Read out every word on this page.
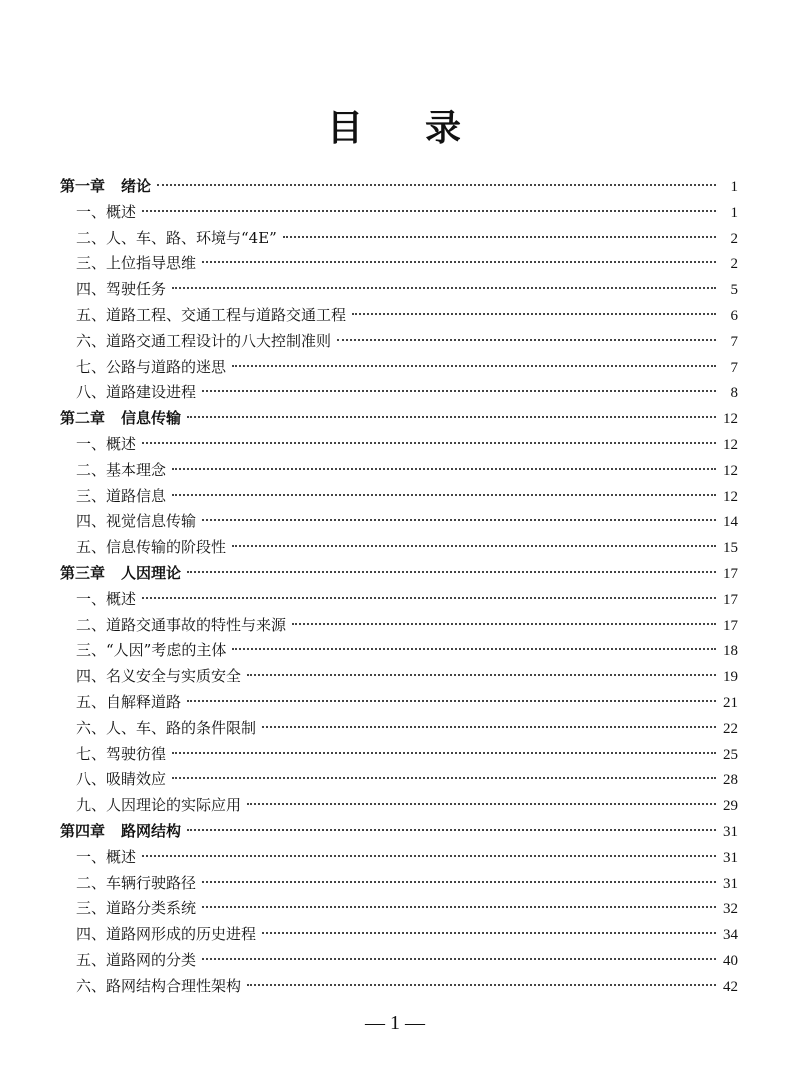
目 录
第一章 绪论	1
一、概述	1
二、人、车、路、环境与“4E”	2
三、上位指导思维	2
四、驾驶任务	5
五、道路工程、交通工程与道路交通工程	6
六、道路交通工程设计的八大控制准则	7
七、公路与道路的迷思	7
八、道路建设进程	8
第二章 信息传输	12
一、概述	12
二、基本理念	12
三、道路信息	12
四、视觉信息传输	14
五、信息传输的阶段性	15
第三章 人因理论	17
一、概述	17
二、道路交通事故的特性与来源	17
三、“人因”考虑的主体	18
四、名义安全与实质安全	19
五、自解释道路	21
六、人、车、路的条件限制	22
七、驾驶彷徨	25
八、吸睛效应	28
九、人因理论的实际应用	29
第四章 路网结构	31
一、概述	31
二、车辆行驶路径	31
三、道路分类系统	32
四、道路网形成的历史进程	34
五、道路网的分类	40
六、路网结构合理性架构	42
— 1 —
